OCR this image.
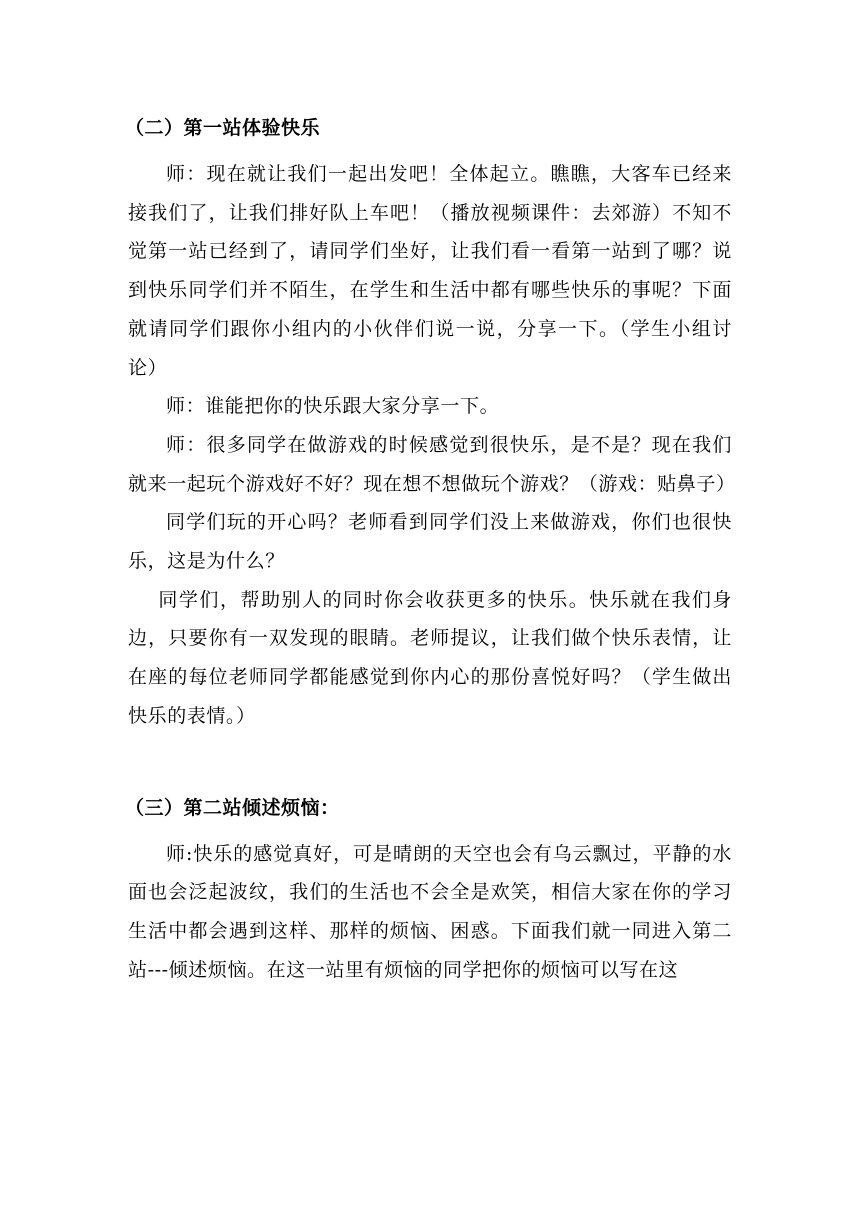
（二）第一站体验快乐

师：现在就让我们一起出发吧！全体起立。瞧瞧，大客车已经来接我们了，让我们排好队上车吧！（播放视频课件：去郊游）不知不觉第一站已经到了，请同学们坐好，让我们看一看第一站到了哪？说到快乐同学们并不陌生，在学生和生活中都有哪些快乐的事呢？下面就请同学们跟你小组内的小伙伴们说一说，分享一下。（学生小组讨论）

师：谁能把你的快乐跟大家分享一下。

师：很多同学在做游戏的时候感觉到很快乐，是不是？现在我们就来一起玩个游戏好不好？现在想不想做玩个游戏？（游戏：贴鼻子）

同学们玩的开心吗？老师看到同学们没上来做游戏，你们也很快乐，这是为什么？

同学们，帮助别人的同时你会收获更多的快乐。快乐就在我们身边，只要你有一双发现的眼睛。老师提议，让我们做个快乐表情，让在座的每位老师同学都能感觉到你内心的那份喜悦好吗？（学生做出快乐的表情。）

（三）第二站倾述烦恼：

师:快乐的感觉真好，可是晴朗的天空也会有乌云飘过，平静的水面也会泛起波纹，我们的生活也不会全是欢笑，相信大家在你的学习生活中都会遇到这样、那样的烦恼、困惑。下面我们就一同进入第二站---倾述烦恼。在这一站里有烦恼的同学把你的烦恼可以写在这
